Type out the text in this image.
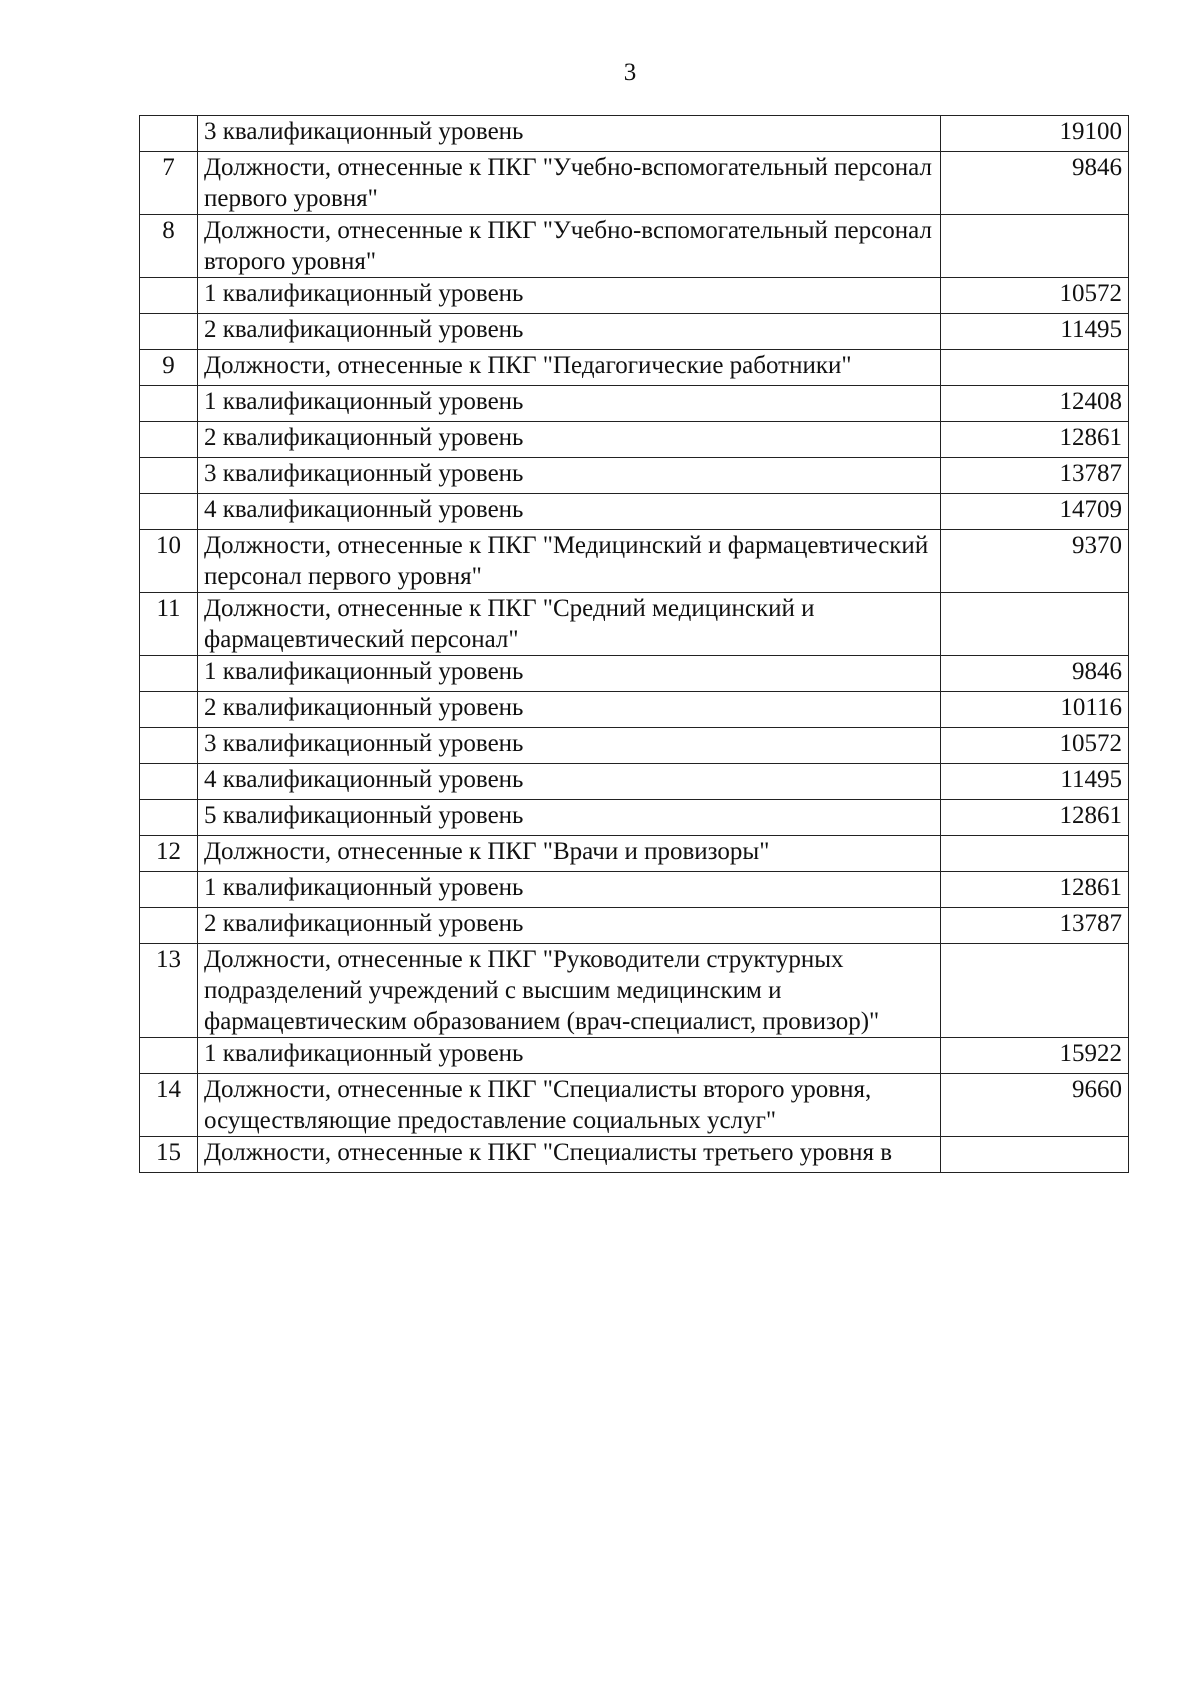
3
	3 квалификационный уровень	19100
7	Должности, отнесенные к ПКГ "Учебно-вспомогательный персонал первого уровня"	9846
8	Должности, отнесенные к ПКГ "Учебно-вспомогательный персонал второго уровня"	
	1 квалификационный уровень	10572
	2 квалификационный уровень	11495
9	Должности, отнесенные к ПКГ "Педагогические работники"	
	1 квалификационный уровень	12408
	2 квалификационный уровень	12861
	3 квалификационный уровень	13787
	4 квалификационный уровень	14709
10	Должности, отнесенные к ПКГ "Медицинский и фармацевтический персонал первого уровня"	9370
11	Должности, отнесенные к ПКГ "Средний медицинский и фармацевтический персонал"	
	1 квалификационный уровень	9846
	2 квалификационный уровень	10116
	3 квалификационный уровень	10572
	4 квалификационный уровень	11495
	5 квалификационный уровень	12861
12	Должности, отнесенные к ПКГ "Врачи и провизоры"	
	1 квалификационный уровень	12861
	2 квалификационный уровень	13787
13	Должности, отнесенные к ПКГ "Руководители структурных подразделений учреждений с высшим медицинским и фармацевтическим образованием (врач-специалист, провизор)"	
	1 квалификационный уровень	15922
14	Должности, отнесенные к ПКГ "Специалисты второго уровня, осуществляющие предоставление социальных услуг"	9660
15	Должности, отнесенные к ПКГ "Специалисты третьего уровня в	
